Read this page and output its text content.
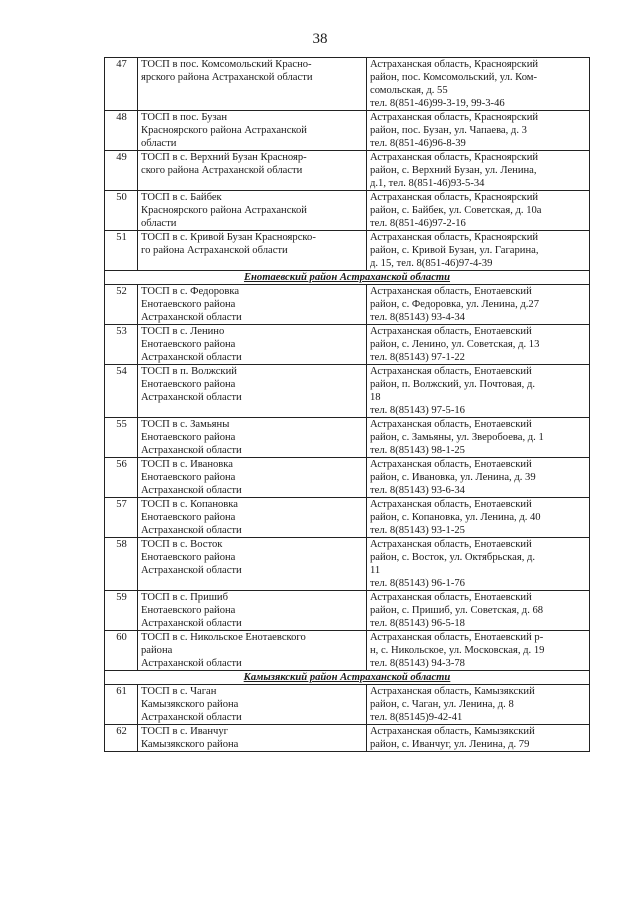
38
47	ТОСП в пос. Комсомольский Красно-
ярского района Астраханской области	Астраханская область, Красноярский
район, пос. Комсомольский, ул. Ком-
сомольская, д. 55
тел. 8(851-46)99-3-19, 99-3-46
48	ТОСП в пос. Бузан
Красноярского района Астраханской
области	Астраханская область, Красноярский
район, пос. Бузан, ул. Чапаева, д. 3
тел. 8(851-46)96-8-39
49	ТОСП в с. Верхний Бузан Краснояр-
ского района Астраханской области	Астраханская область, Красноярский
район, с. Верхний Бузан, ул. Ленина,
д.1, тел. 8(851-46)93-5-34
50	ТОСП в с. Байбек
Красноярского района Астраханской
области	Астраханская область, Красноярский
район, с. Байбек, ул. Советская, д. 10а
тел. 8(851-46)97-2-16
51	ТОСП в с. Кривой Бузан Красноярско-
го района Астраханской области	Астраханская область, Красноярский
район, с. Кривой Бузан, ул. Гагарина,
д. 15, тел. 8(851-46)97-4-39
Енотаевский район Астраханской области		
52	ТОСП в с. Федоровка
Енотаевского района
Астраханской области	Астраханская область, Енотаевский
район, с. Федоровка, ул. Ленина, д.27
тел. 8(85143) 93-4-34
53	ТОСП в с. Ленино
Енотаевского района
Астраханской области	Астраханская область, Енотаевский
район, с. Ленино, ул. Советская, д. 13
тел. 8(85143) 97-1-22
54	ТОСП в п. Волжский
Енотаевского района
Астраханской области	Астраханская область, Енотаевский
район, п. Волжский, ул. Почтовая, д.
18
тел. 8(85143) 97-5-16
55	ТОСП в с. Замьяны
Енотаевского района
Астраханской области	Астраханская область, Енотаевский
район, с. Замьяны, ул. Зверобоева, д. 1
тел. 8(85143) 98-1-25
56	ТОСП в с. Ивановка
Енотаевского района
Астраханской области	Астраханская область, Енотаевский
район, с. Ивановка, ул. Ленина, д. 39
тел. 8(85143) 93-6-34
57	ТОСП в с. Копановка
Енотаевского района
Астраханской области	Астраханская область, Енотаевский
район, с. Копановка, ул. Ленина, д. 40
тел. 8(85143) 93-1-25
58	ТОСП в с. Восток
Енотаевского района
Астраханской области	Астраханская область, Енотаевский
район, с. Восток, ул. Октябрьская, д.
11
тел. 8(85143) 96-1-76
59	ТОСП в с. Пришиб
Енотаевского района
Астраханской области	Астраханская область, Енотаевский
район, с. Пришиб, ул. Советская, д. 68
тел. 8(85143) 96-5-18
60	ТОСП в с. Никольское Енотаевского
района
Астраханской области	Астраханская область, Енотаевский р-
н, с. Никольское, ул. Московская, д. 19
тел. 8(85143) 94-3-78
Камызякский район Астраханской области		
61	ТОСП в с. Чаган
Камызякского района
Астраханской области	Астраханская область, Камызякский
район, с. Чаган, ул. Ленина, д. 8
тел. 8(85145)9-42-41
62	ТОСП в с. Иванчуг
Камызякского района	Астраханская область, Камызякский
район, с. Иванчуг, ул. Ленина, д. 79
